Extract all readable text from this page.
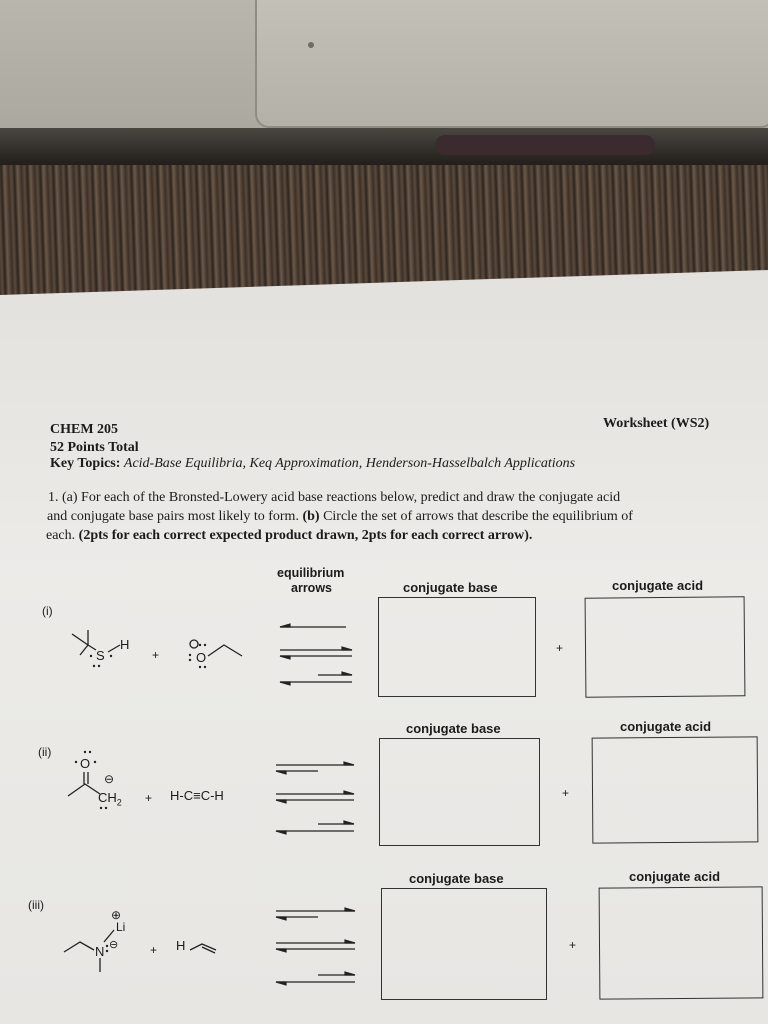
CHEM 205
52 Points Total
Key Topics: Acid-Base Equilibria, Keq Approximation, Henderson-Hasselbalch Applications
Worksheet (WS2)
1. (a) For each of the Bronsted-Lowery acid base reactions below, predict and draw the conjugate acid
and conjugate base pairs most likely to form. (b) Circle the set of arrows that describe the equilibrium of
each. (2pts for each correct expected product drawn, 2pts for each correct arrow).
equilibrium
arrows
(i)
conjugate base	conjugate acid
+
S
H
+	O
(ii)
conjugate base	conjugate acid
+
O
⊖
$CH_2 + H-C\equiv C-H$
(iii)
conjugate base	conjugate acid
+
⊕
Li
N ⊖	+ H
